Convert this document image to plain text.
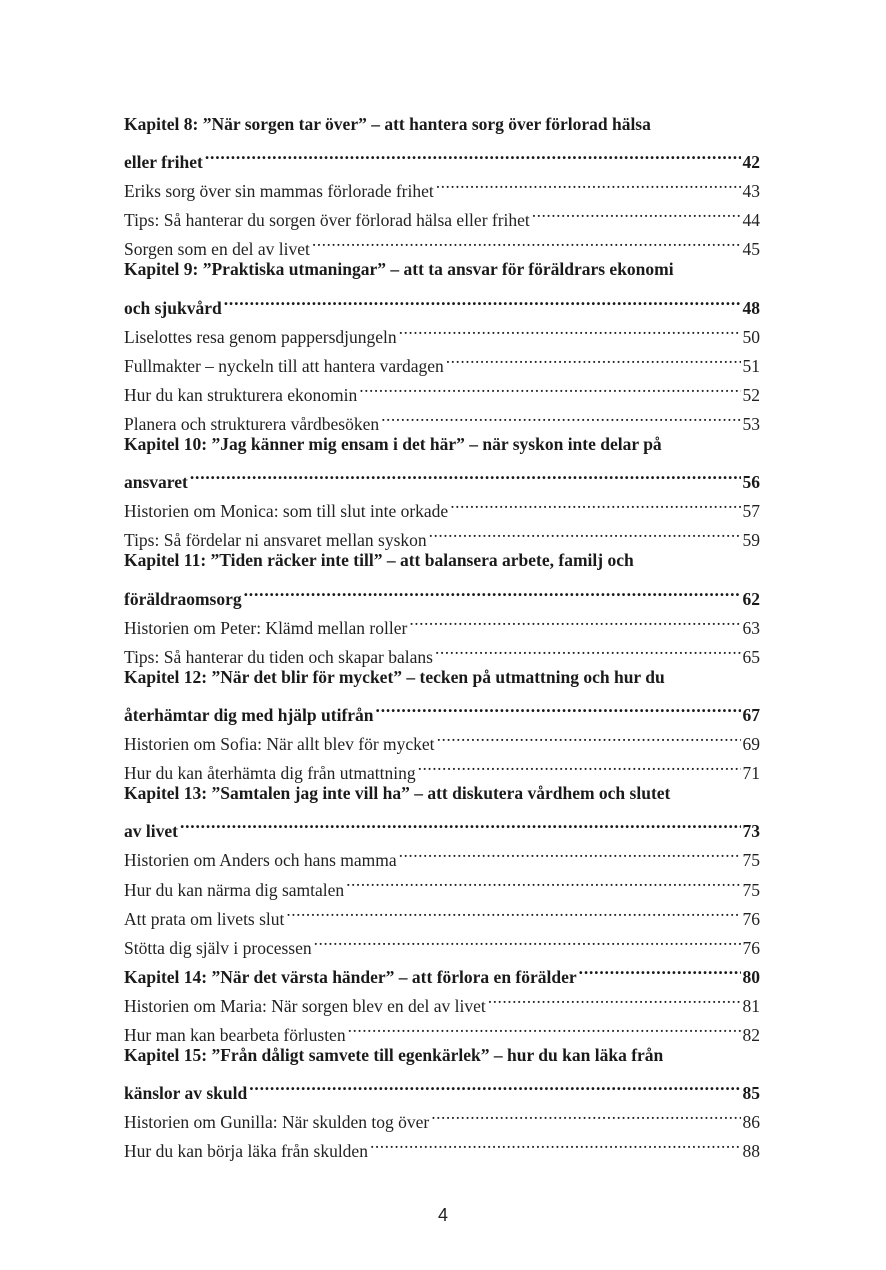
Kapitel 8: ”När sorgen tar över” – att hantera sorg över förlorad hälsa
eller frihet .....	42
Eriks sorg över sin mammas förlorade frihet .....	43
Tips: Så hanterar du sorgen över förlorad hälsa eller frihet .....	44
Sorgen som en del av livet .....	45
Kapitel 9: ”Praktiska utmaningar” – att ta ansvar för föräldrars ekonomi
och sjukvård .....	48
Liselottes resa genom pappersdjungeln .....	50
Fullmakter – nyckeln till att hantera vardagen .....	51
Hur du kan strukturera ekonomin .....	52
Planera och strukturera vårdbesöken .....	53
Kapitel 10: ”Jag känner mig ensam i det här” – när syskon inte delar på
ansvaret .....	56
Historien om Monica: som till slut inte orkade .....	57
Tips: Så fördelar ni ansvaret mellan syskon .....	59
Kapitel 11: ”Tiden räcker inte till” – att balansera arbete, familj och
föräldraomsorg .....	62
Historien om Peter: Klämd mellan roller .....	63
Tips: Så hanterar du tiden och skapar balans .....	65
Kapitel 12: ”När det blir för mycket” – tecken på utmattning och hur du
återhämtar dig med hjälp utifrån .....	67
Historien om Sofia: När allt blev för mycket .....	69
Hur du kan återhämta dig från utmattning .....	71
Kapitel 13: ”Samtalen jag inte vill ha” – att diskutera vårdhem och slutet
av livet .....	73
Historien om Anders och hans mamma .....	75
Hur du kan närma dig samtalen .....	75
Att prata om livets slut .....	76
Stötta dig själv i processen .....	76
Kapitel 14: ”När det värsta händer” – att förlora en förälder .....	80
Historien om Maria: När sorgen blev en del av livet .....	81
Hur man kan bearbeta förlusten .....	82
Kapitel 15: ”Från dåligt samvete till egenkärlek” – hur du kan läka från
känslor av skuld .....	85
Historien om Gunilla: När skulden tog över .....	86
Hur du kan börja läka från skulden .....	88
4
